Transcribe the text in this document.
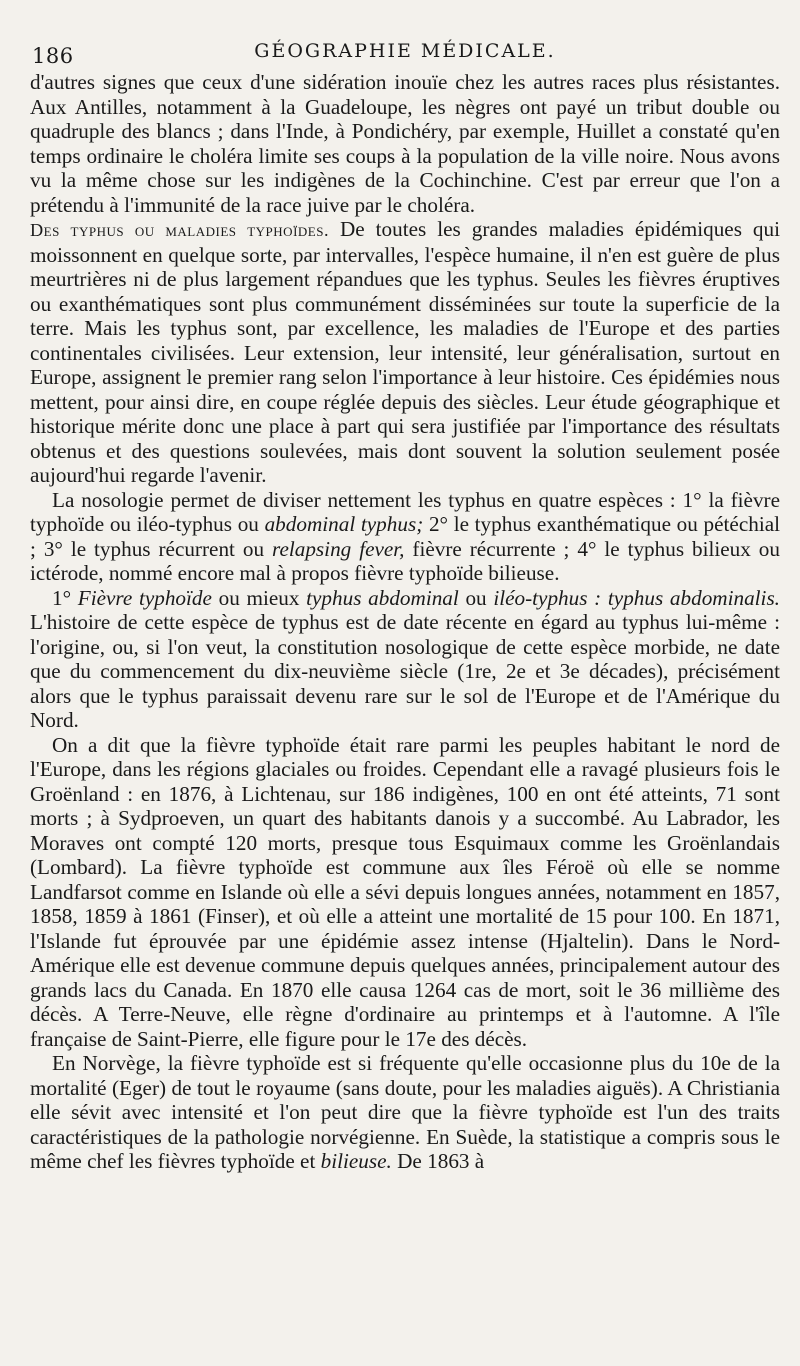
186	GÉOGRAPHIE MÉDICALE.

d'autres signes que ceux d'une sidération inouïe chez les autres races plus résistantes. Aux Antilles, notamment à la Guadeloupe, les nègres ont payé un tribut double ou quadruple des blancs ; dans l'Inde, à Pondichéry, par exemple, Huillet a constaté qu'en temps ordinaire le choléra limite ses coups à la population de la ville noire. Nous avons vu la même chose sur les indigènes de la Cochinchine. C'est par erreur que l'on a prétendu à l'immunité de la race juive par le choléra.

Des typhus ou maladies typhoïdes. De toutes les grandes maladies épidémiques qui moissonnent en quelque sorte, par intervalles, l'espèce humaine, il n'en est guère de plus meurtrières ni de plus largement répandues que les typhus. Seules les fièvres éruptives ou exanthématiques sont plus communément disséminées sur toute la superficie de la terre. Mais les typhus sont, par excellence, les maladies de l'Europe et des parties continentales civilisées. Leur extension, leur intensité, leur généralisation, surtout en Europe, assignent le premier rang selon l'importance à leur histoire. Ces épidémies nous mettent, pour ainsi dire, en coupe réglée depuis des siècles. Leur étude géographique et historique mérite donc une place à part qui sera justifiée par l'importance des résultats obtenus et des questions soulevées, mais dont souvent la solution seulement posée aujourd'hui regarde l'avenir.

La nosologie permet de diviser nettement les typhus en quatre espèces : 1° la fièvre typhoïde ou iléo-typhus ou abdominal typhus; 2° le typhus exanthématique ou pétéchial ; 3° le typhus récurrent ou relapsing fever, fièvre récurrente ; 4° le typhus bilieux ou ictérode, nommé encore mal à propos fièvre typhoïde bilieuse.

1° Fièvre typhoïde ou mieux typhus abdominal ou iléo-typhus : typhus abdominalis. L'histoire de cette espèce de typhus est de date récente en égard au typhus lui-même : l'origine, ou, si l'on veut, la constitution nosologique de cette espèce morbide, ne date que du commencement du dix-neuvième siècle (1re, 2e et 3e décades), précisément alors que le typhus paraissait devenu rare sur le sol de l'Europe et de l'Amérique du Nord.

On a dit que la fièvre typhoïde était rare parmi les peuples habitant le nord de l'Europe, dans les régions glaciales ou froides. Cependant elle a ravagé plusieurs fois le Groënland : en 1876, à Lichtenau, sur 186 indigènes, 100 en ont été atteints, 71 sont morts ; à Sydproeven, un quart des habitants danois y a succombé. Au Labrador, les Moraves ont compté 120 morts, presque tous Esquimaux comme les Groënlandais (Lombard). La fièvre typhoïde est commune aux îles Féroë où elle se nomme Landfarsot comme en Islande où elle a sévi depuis longues années, notamment en 1857, 1858, 1859 à 1861 (Finser), et où elle a atteint une mortalité de 15 pour 100. En 1871, l'Islande fut éprouvée par une épidémie assez intense (Hjaltelin). Dans le Nord-Amérique elle est devenue commune depuis quelques années, principalement autour des grands lacs du Canada. En 1870 elle causa 1264 cas de mort, soit le 36 millième des décès. A Terre-Neuve, elle règne d'ordinaire au printemps et à l'automne. A l'île française de Saint-Pierre, elle figure pour le 17e des décès.

En Norvège, la fièvre typhoïde est si fréquente qu'elle occasionne plus du 10e de la mortalité (Eger) de tout le royaume (sans doute, pour les maladies aiguës). A Christiania elle sévit avec intensité et l'on peut dire que la fièvre typhoïde est l'un des traits caractéristiques de la pathologie norvégienne. En Suède, la statistique a compris sous le même chef les fièvres typhoïde et bilieuse. De 1863 à
